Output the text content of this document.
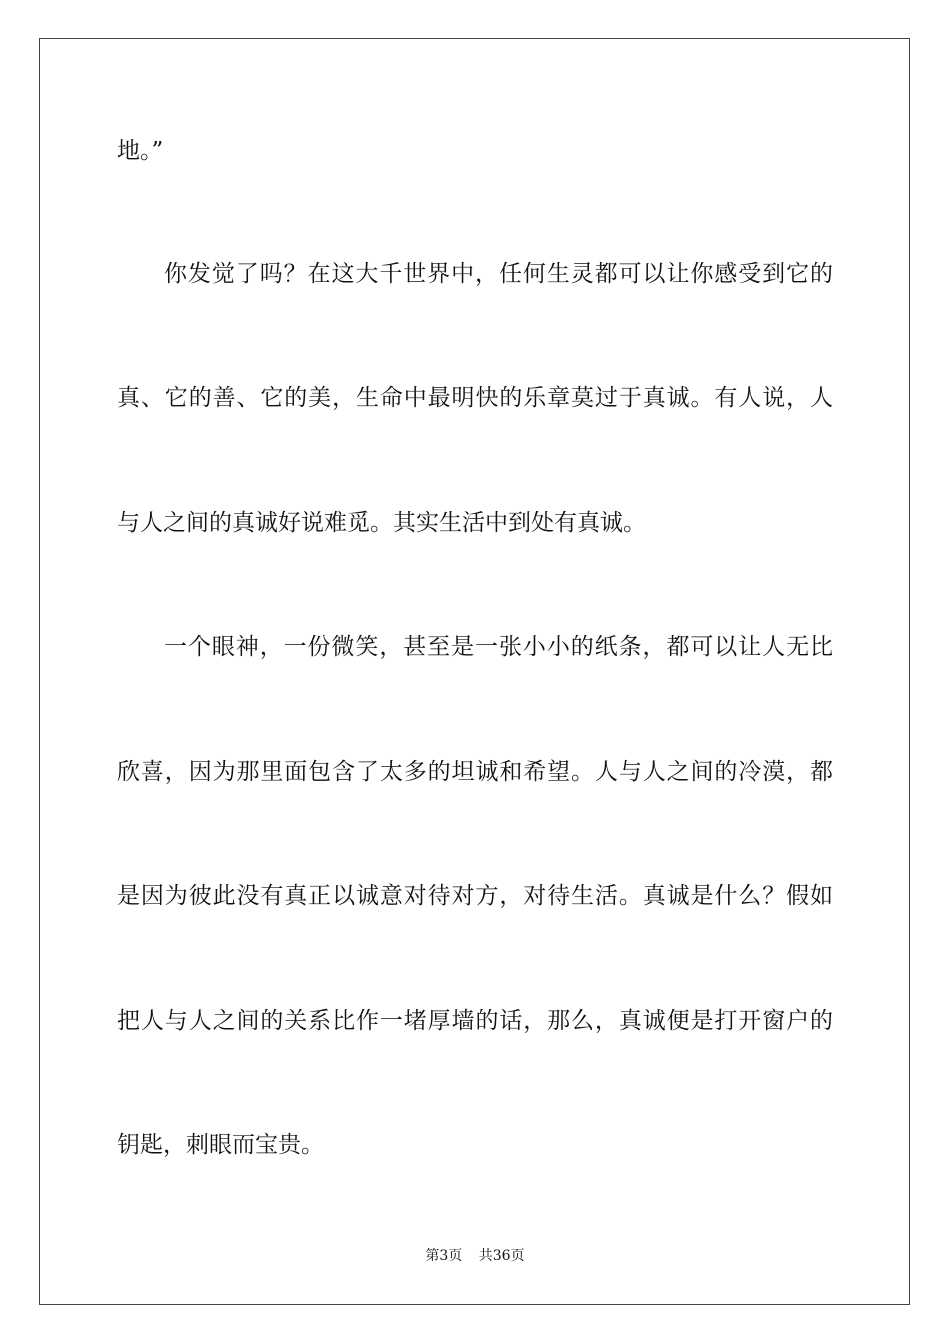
地。”

你发觉了吗？在这大千世界中，任何生灵都可以让你感受到它的

真、它的善、它的美，生命中最明快的乐章莫过于真诚。有人说，人

与人之间的真诚好说难觅。其实生活中到处有真诚。

一个眼神，一份微笑，甚至是一张小小的纸条，都可以让人无比

欣喜，因为那里面包含了太多的坦诚和希望。人与人之间的冷漠，都

是因为彼此没有真正以诚意对待对方，对待生活。真诚是什么？假如

把人与人之间的关系比作一堵厚墙的话，那么，真诚便是打开窗户的

钥匙，刺眼而宝贵。

第3页 共36页
